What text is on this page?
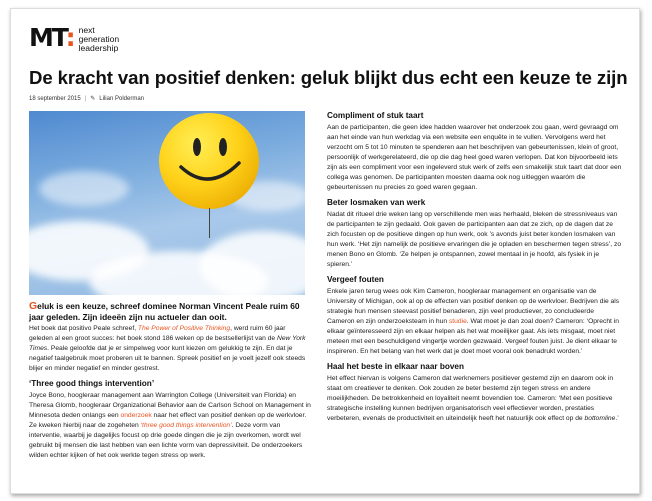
MT: next
generation
leadership
De kracht van positief denken: geluk blijkt dus echt een keuze te zijn
18 september 2015 | ✎ Lilian Polderman
Geluk is een keuze, schreef dominee Norman Vincent Peale ruim 60 jaar geleden. Zijn ideeën zijn nu actueler dan ooit.

Het boek dat positivo Peale schreef, The Power of Positive Thinking, werd ruim 60 jaar geleden al een groot succes: het boek stond 186 weken op de bestsellerlijst van de New York Times. Peale geloofde dat je er simpelweg voor kunt kiezen om gelukkig te zijn. En dat je negatief taalgebruik moet proberen uit te bannen. Spreek positief en je voelt jezelf ook steeds blijer en minder negatief en minder gestrest.

‘Three good things intervention’

Joyce Bono, hoogleraar management aan Warrington College (Universiteit van Florida) en Theresa Glomb, hoogleraar Organizational Behavior aan de Carlson School on Management in Minnesota deden onlangs een onderzoek naar het effect van positief denken op de werkvloer. Ze kweken hierbij naar de zogeheten ‘three good things intervention’. Deze vorm van interventie, waarbij je dagelijks focust op drie goede dingen die je zijn overkomen, wordt wel gebruikt bij mensen die last hebben van een lichte vorm van depressiviteit. De onderzoekers wilden echter kijken of het ook werkte tegen stress op werk.

Compliment of stuk taart

Aan de participanten, die geen idee hadden waarover het onderzoek zou gaan, werd gevraagd om aan het einde van hun werkdag via een website een enquête in te vullen. Vervolgens werd het verzocht om 5 tot 10 minuten te spenderen aan het beschrijven van gebeurtenissen, klein of groot, persoonlijk of werkgerelateerd, die op die dag heel goed waren verlopen. Dat kon bijvoorbeeld iets zijn als een compliment voor een ingeleverd stuk werk of zelfs een smakelijk stuk taart dat door een collega was genomen. De participanten moesten daarna ook nog uitleggen waaróm die gebeurtenissen nu precies zo goed waren gegaan.

Beter losmaken van werk

Nadat dit ritueel drie weken lang op verschillende men was herhaald, bleken de stressniveaus van de participanten te zijn gedaald. Ook gaven de participanten aan dat ze zich, op de dagen dat ze zich focusten op de positieve dingen op hun werk, ook ’s avonds juist beter konden losmaken van hun werk. ‘Het zijn namelijk de positieve ervaringen die je opladen en beschermen tegen stress’, zo menen Bono en Glomb. ‘Ze helpen je ontspannen, zowel mentaal in je hoofd, als fysiek in je spieren.’

Vergeef fouten

Enkele jaren terug wees ook Kim Cameron, hoogleraar management en organisatie van de University of Michigan, ook al op de effecten van positief denken op de werkvloer. Bedrijven die als strategie hun mensen steevast positief benaderen, zijn veel productiever, zo concludeerde Cameron en zijn onderzoeksteam in hun studie. Wat moet je dan zoal doen? Cameron: ‘Oprecht in elkaar geïnteresseerd zijn en elkaar helpen als het wat moeilijker gaat. Als iets misgaat, moet niet meteen met een beschuldigend vingertje worden gezwaaid. Vergeef fouten juist. Je dient elkaar te inspireren. En het belang van het werk dat je doet moet vooral ook benadrukt worden.’

Haal het beste in elkaar naar boven

Het effect hiervan is volgens Cameron dat werknemers positiever gestemd zijn en daarom ook in staat om creatiever te denken. Ook zouden ze beter bestemd zijn tegen stress en andere moeilijkheden. De betrokkenheid en loyaliteit neemt bovendien toe. Cameron: ‘Met een positieve strategische instelling kunnen bedrijven organisatorisch veel effectiever worden, prestaties verbeteren, evenals de productiviteit en uiteindelijk heeft het natuurlijk ook effect op de bottomline.’
